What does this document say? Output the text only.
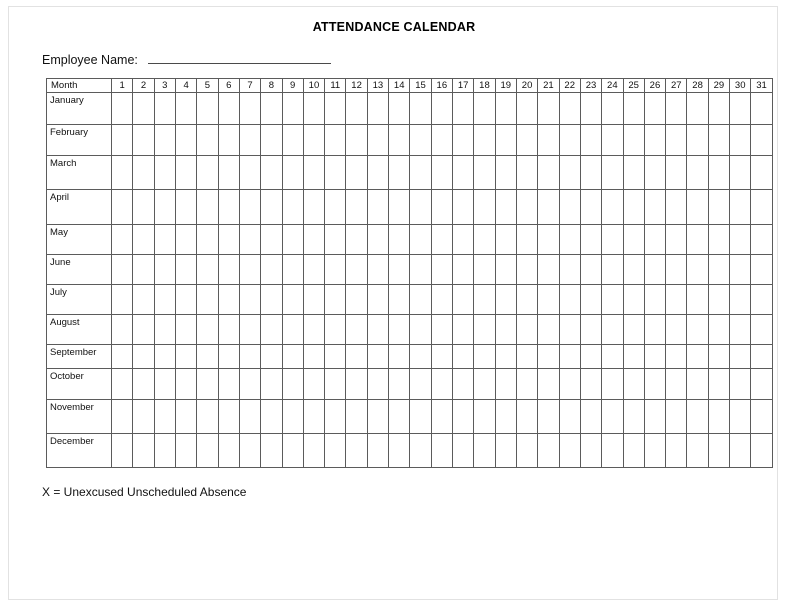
ATTENDANCE CALENDAR
Employee Name:
Month	1	2	3	4	5	6	7	8	9	10	11	12	13	14	15	16	17	18	19	20	21	22	23	24	25	26	27	28	29	30	31

January																															

February																															

March																															

April																															

May																															

June																															

July																															

August																															

September																															

October																															

November																															

December																															

X = Unexcused Unscheduled Absence
